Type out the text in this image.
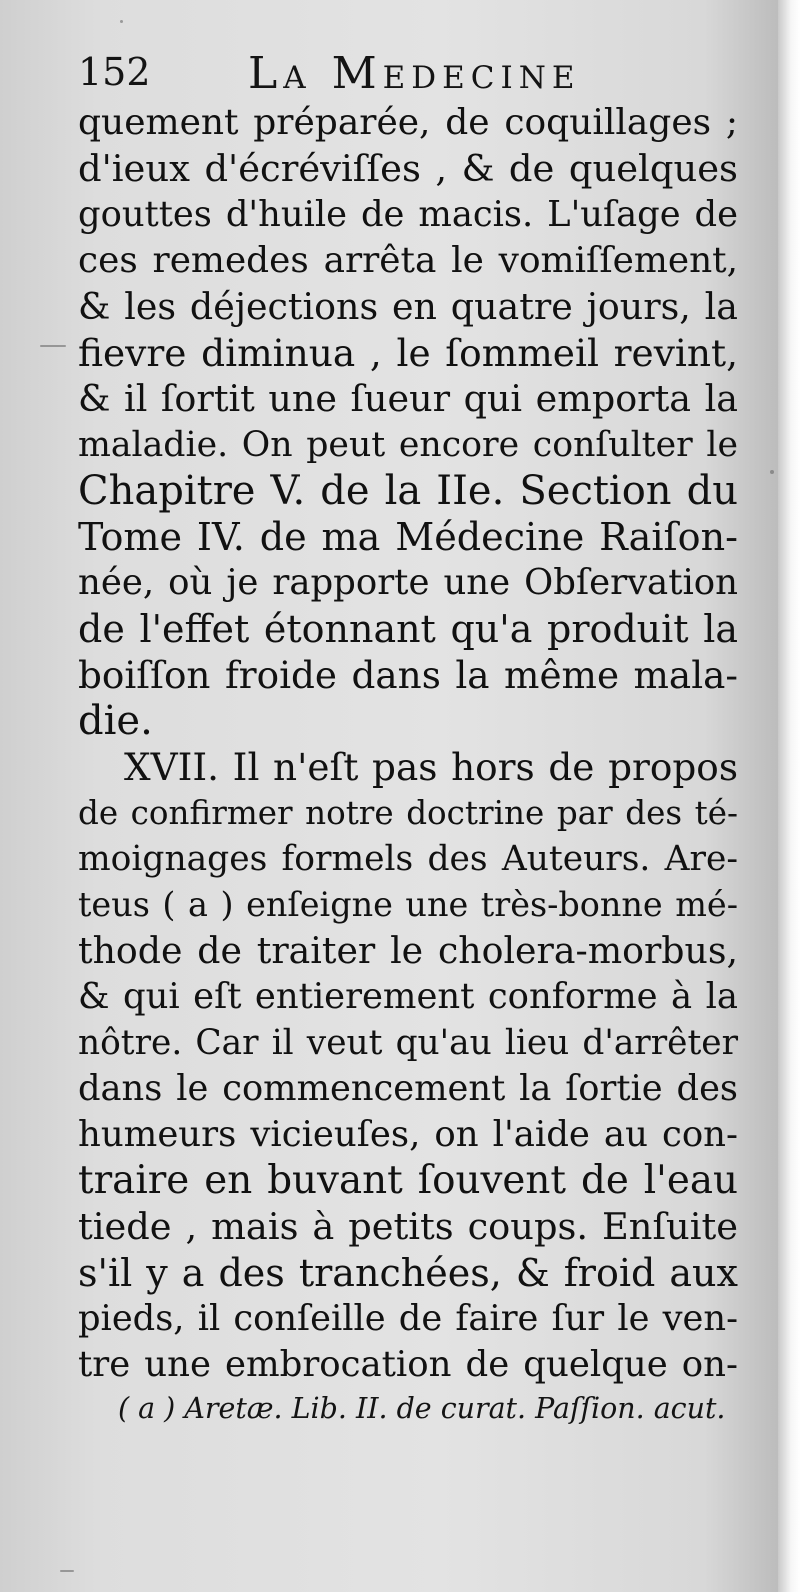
152 La Medecine
quement préparée, de coquillages ;
d'ieux d'écréviſſes , & de quelques
gouttes d'huile de macis. L'uſage de
ces remedes arrêta le vomiſſement,
& les déjections en quatre jours, la
fievre diminua , le ſommeil revint,
& il ſortit une ſueur qui emporta la
maladie. On peut encore conſulter le
Chapitre V. de la IIe. Section du
Tome IV. de ma Médecine Raiſon-
née, où je rapporte une Obſervation
de l'effet étonnant qu'a produit la
boiſſon froide dans la même mala-
die.
XVII. Il n'eſt pas hors de propos
de confirmer notre doctrine par des té-
moignages formels des Auteurs. Are-
teus ( a ) enſeigne une très-bonne mé-
thode de traiter le cholera-morbus,
& qui eſt entierement conforme à la
nôtre. Car il veut qu'au lieu d'arrêter
dans le commencement la ſortie des
humeurs vicieuſes, on l'aide au con-
traire en buvant ſouvent de l'eau
tiede , mais à petits coups. Enſuite
s'il y a des tranchées, & froid aux
pieds, il conſeille de faire ſur le ven-
tre une embrocation de quelque on-
( a ) Aretæ. Lib. II. de curat. Paſſion. acut.
